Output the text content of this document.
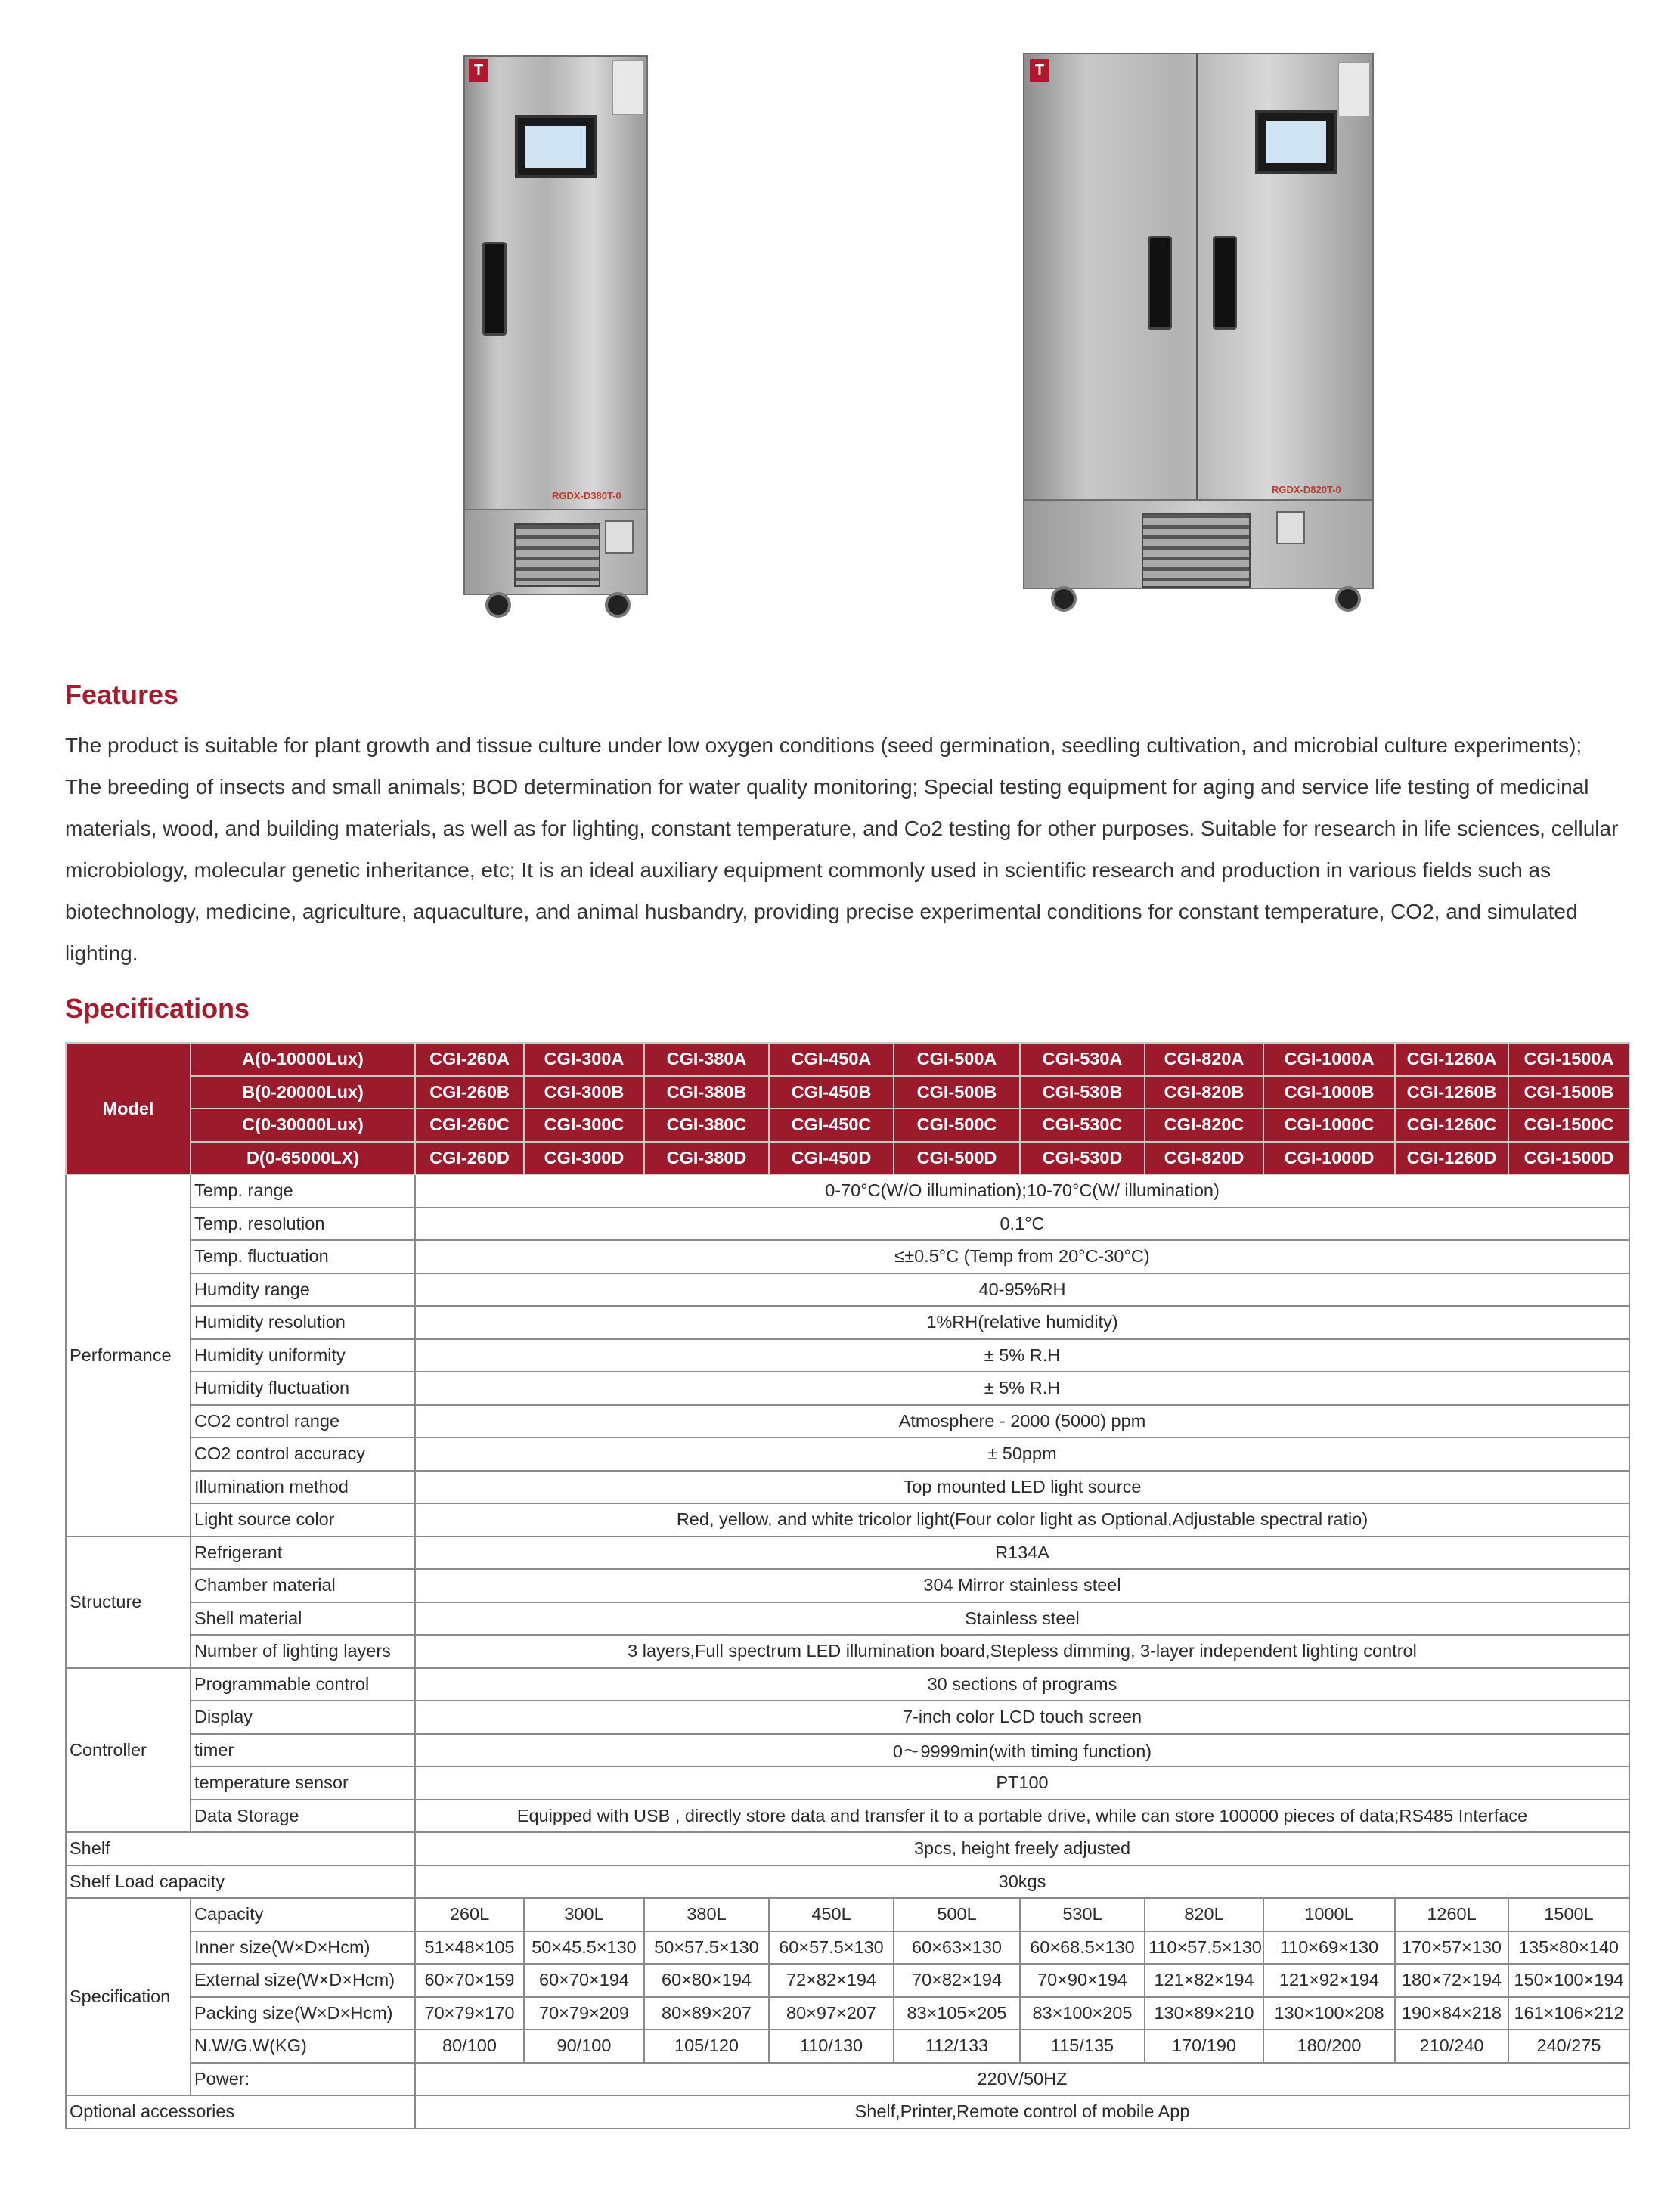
T
RGDX-D380T-0
T
RGDX-D820T-0
Features
The product is suitable for plant growth and tissue culture under low oxygen conditions (seed germination, seedling cultivation, and microbial culture experiments); The breeding of insects and small animals; BOD determination for water quality monitoring; Special testing equipment for aging and service life testing of medicinal materials, wood, and building materials, as well as for lighting, constant temperature, and Co2 testing for other purposes. Suitable for research in life sciences, cellular microbiology, molecular genetic inheritance, etc; It is an ideal auxiliary equipment commonly used in scientific research and production in various fields such as biotechnology, medicine, agriculture, aquaculture, and animal husbandry, providing precise experimental conditions for constant temperature, CO2, and simulated lighting.
Specifications
Model	A(0-10000Lux)	CGI-260A	CGI-300A	CGI-380A	CGI-450A	CGI-500A	CGI-530A	CGI-820A	CGI-1000A	CGI-1260A	CGI-1500A
	B(0-20000Lux)	CGI-260B	CGI-300B	CGI-380B	CGI-450B	CGI-500B	CGI-530B	CGI-820B	CGI-1000B	CGI-1260B	CGI-1500B
	C(0-30000Lux)	CGI-260C	CGI-300C	CGI-380C	CGI-450C	CGI-500C	CGI-530C	CGI-820C	CGI-1000C	CGI-1260C	CGI-1500C
	D(0-65000LX)	CGI-260D	CGI-300D	CGI-380D	CGI-450D	CGI-500D	CGI-530D	CGI-820D	CGI-1000D	CGI-1260D	CGI-1500D
Performance	Temp. range	0-70°C(W/O illumination);10-70°C(W/ illumination)									
	Temp. resolution	0.1°C									
	Temp. fluctuation	≤±0.5°C (Temp from 20°C-30°C)									
	Humdity range	40-95%RH									
	Humidity resolution	1%RH(relative humidity)									
	Humidity uniformity	± 5% R.H									
	Humidity fluctuation	± 5% R.H									
	CO2 control range	Atmosphere - 2000 (5000) ppm									
	CO2 control accuracy	± 50ppm									
	Illumination method	Top mounted LED light source									
	Light source color	Red, yellow, and white tricolor light(Four color light as Optional,Adjustable spectral ratio)									
Structure	Refrigerant	R134A									
	Chamber material	304 Mirror stainless steel									
	Shell material	Stainless steel									
	Number of lighting layers	3 layers,Full spectrum LED illumination board,Stepless dimming, 3-layer independent lighting control									
Controller	Programmable control	30 sections of programs									
	Display	7-inch color LCD touch screen									
	timer	0～9999min(with timing function)									
	temperature sensor	PT100									
	Data Storage	Equipped with USB , directly store data and transfer it to a portable drive, while can store 100000 pieces of data;RS485 Interface									
Shelf		3pcs, height freely adjusted									
Shelf Load capacity		30kgs									
Specification	Capacity	260L	300L	380L	450L	500L	530L	820L	1000L	1260L	1500L
	Inner size(W×D×Hcm)	51×48×105	50×45.5×130	50×57.5×130	60×57.5×130	60×63×130	60×68.5×130	110×57.5×130	110×69×130	170×57×130	135×80×140
	External size(W×D×Hcm)	60×70×159	60×70×194	60×80×194	72×82×194	70×82×194	70×90×194	121×82×194	121×92×194	180×72×194	150×100×194
	Packing size(W×D×Hcm)	70×79×170	70×79×209	80×89×207	80×97×207	83×105×205	83×100×205	130×89×210	130×100×208	190×84×218	161×106×212
	N.W/G.W(KG)	80/100	90/100	105/120	110/130	112/133	115/135	170/190	180/200	210/240	240/275
	Power:	220V/50HZ									
Optional accessories		Shelf,Printer,Remote control of mobile App									
